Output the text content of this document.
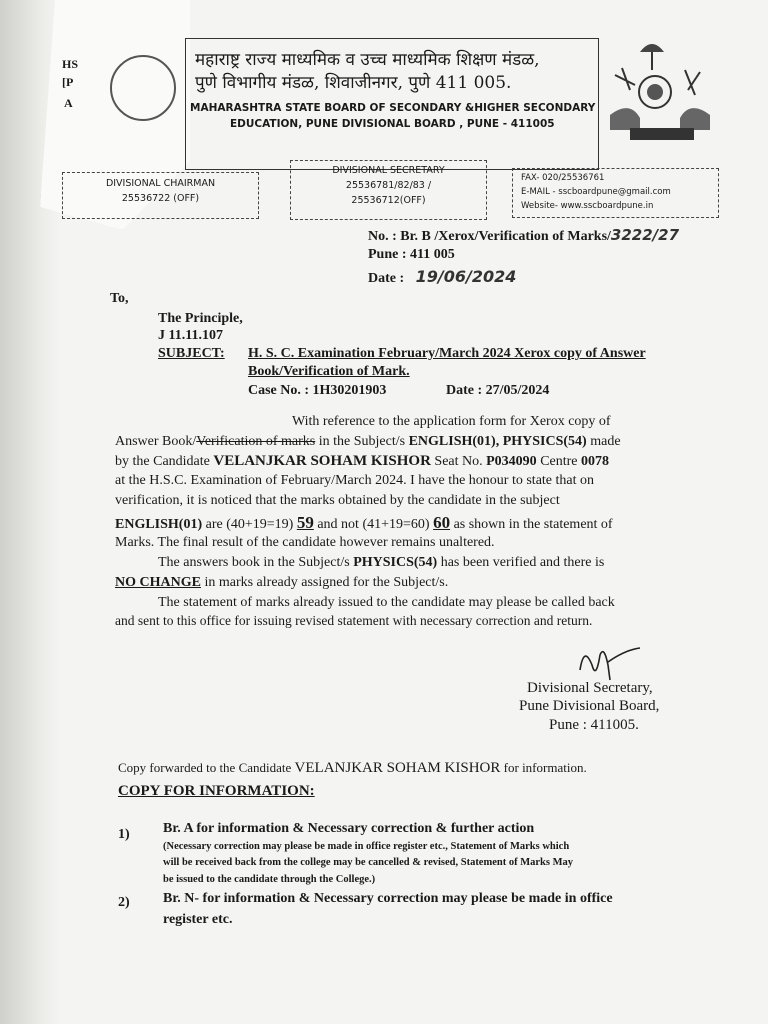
HS
[P
A
महाराष्ट्र राज्य माध्यमिक व उच्च माध्यमिक शिक्षण मंडळ,
पुणे विभागीय मंडळ, शिवाजीनगर, पुणे 411 005.
MAHARASHTRA STATE BOARD OF SECONDARY &HIGHER SECONDARY
EDUCATION, PUNE DIVISIONAL BOARD , PUNE - 411005
DIVISIONAL CHAIRMAN
25536722 (OFF)
DIVISIONAL SECRETARY
25536781/82/83 /
25536712(OFF)
FAX- 020/25536761
E-MAIL - sscboardpune@gmail.com
Website- www.sscboardpune.in
No. : Br. B /Xerox/Verification of Marks/3222/27
Pune : 411 005
Date : 19/06/2024
To,
The Principle,
J 11.11.107
SUBJECT: H. S. C. Examination February/March 2024 Xerox copy of Answer
Book/Verification of Mark.
Case No. : 1H30201903	Date : 27/05/2024
With reference to the application form for Xerox copy of
Answer Book/Verification of marks in the Subject/s ENGLISH(01), PHYSICS(54) made
by the Candidate VELANJKAR SOHAM KISHOR Seat No. P034090 Centre 0078
at the H.S.C. Examination of February/March 2024. I have the honour to state that on
verification, it is noticed that the marks obtained by the candidate in the subject
ENGLISH(01) are (40+19=19) 59 and not (41+19=60) 60 as shown in the statement of
Marks. The final result of the candidate however remains unaltered.
The answers book in the Subject/s PHYSICS(54) has been verified and there is
NO CHANGE in marks already assigned for the Subject/s.
The statement of marks already issued to the candidate may please be called back
and sent to this office for issuing revised statement with necessary correction and return.
Divisional Secretary,
Pune Divisional Board,
Pune : 411005.
Copy forwarded to the Candidate VELANJKAR SOHAM KISHOR for information.
COPY FOR INFORMATION:
1) Br. A for information & Necessary correction & further action
(Necessary correction may please be made in office register etc., Statement of Marks which
will be received back from the college may be cancelled & revised, Statement of Marks May
be issued to the candidate through the College.)
2) Br. N- for information & Necessary correction may please be made in office
register etc.
